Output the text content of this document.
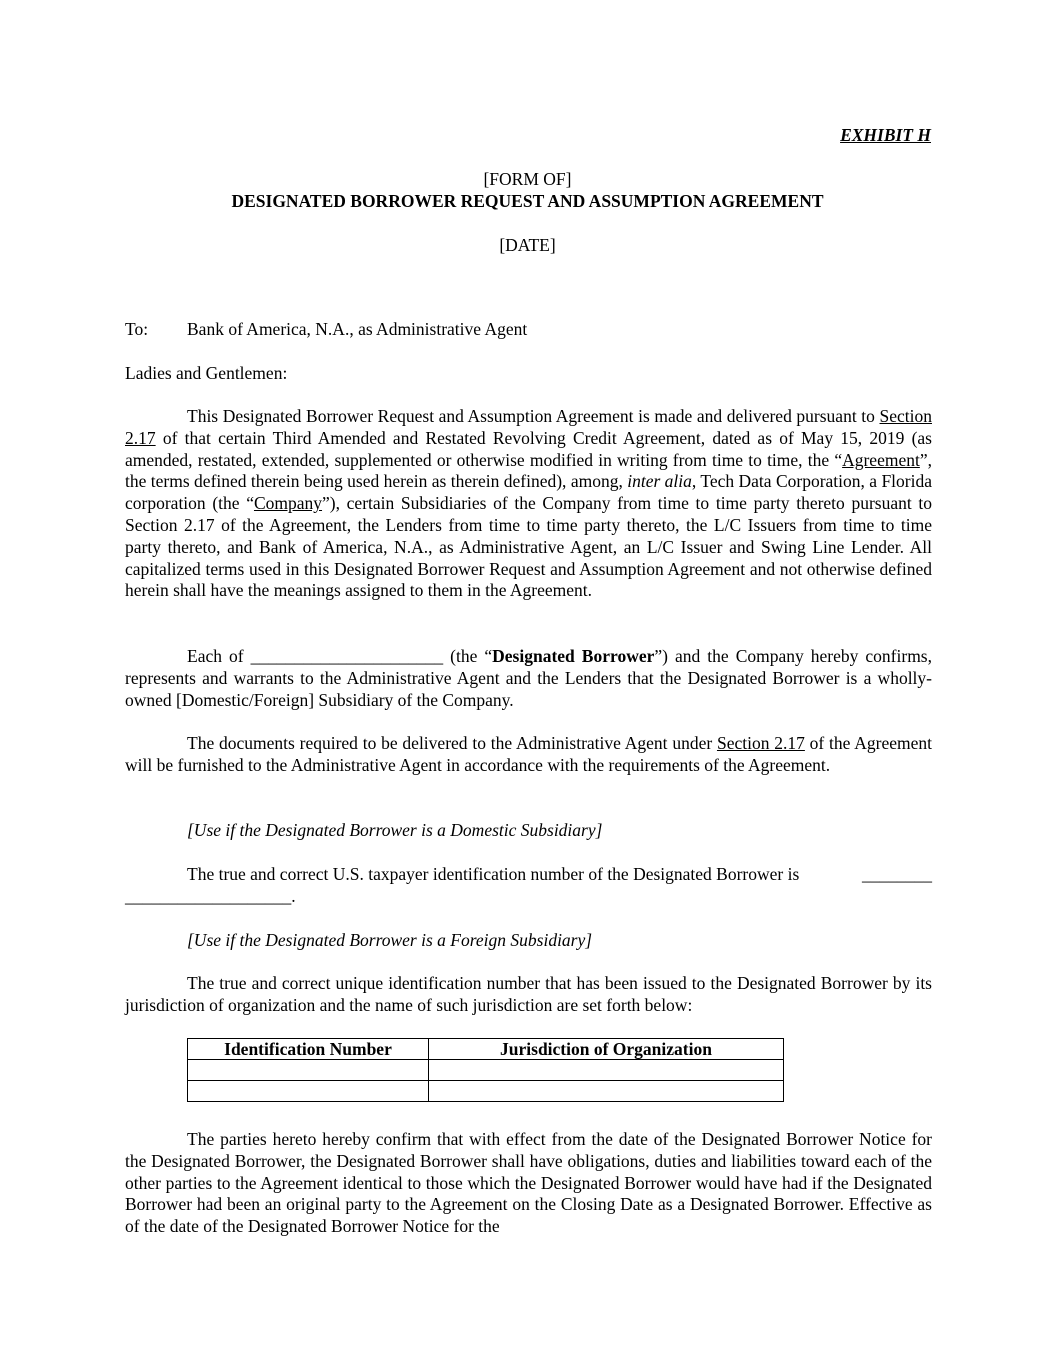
EXHIBIT H
[FORM OF]
DESIGNATED BORROWER REQUEST AND ASSUMPTION AGREEMENT
[DATE]
To: Bank of America, N.A., as Administrative Agent
Ladies and Gentlemen:

This Designated Borrower Request and Assumption Agreement is made and delivered pursuant to Section 2.17 of that certain Third Amended and Restated Revolving Credit Agreement, dated as of May 15, 2019 (as amended, restated, extended, supplemented or otherwise modified in writing from time to time, the “Agreement”, the terms defined therein being used herein as therein defined), among, inter alia, Tech Data Corporation, a Florida corporation (the “Company”), certain Subsidiaries of the Company from time to time party thereto pursuant to Section 2.17 of the Agreement, the Lenders from time to time party thereto, the L/C Issuers from time to time party thereto, and Bank of America, N.A., as Administrative Agent, an L/C Issuer and Swing Line Lender. All capitalized terms used in this Designated Borrower Request and Assumption Agreement and not otherwise defined herein shall have the meanings assigned to them in the Agreement.

Each of ______________________ (the “Designated Borrower”) and the Company hereby confirms, represents and warrants to the Administrative Agent and the Lenders that the Designated Borrower is a wholly-owned [Domestic/Foreign] Subsidiary of the Company.

The documents required to be delivered to the Administrative Agent under Section 2.17 of the Agreement will be furnished to the Administrative Agent in accordance with the requirements of the Agreement.

[Use if the Designated Borrower is a Domestic Subsidiary]
The true and correct U.S. taxpayer identification number of the Designated Borrower is	________
___________________.
[Use if the Designated Borrower is a Foreign Subsidiary]

The true and correct unique identification number that has been issued to the Designated Borrower by its jurisdiction of organization and the name of such jurisdiction are set forth below:

Identification Number	Jurisdiction of Organization

The parties hereto hereby confirm that with effect from the date of the Designated Borrower Notice for the Designated Borrower, the Designated Borrower shall have obligations, duties and liabilities toward each of the other parties to the Agreement identical to those which the Designated Borrower would have had if the Designated Borrower had been an original party to the Agreement on the Closing Date as a Designated Borrower. Effective as of the date of the Designated Borrower Notice for the
